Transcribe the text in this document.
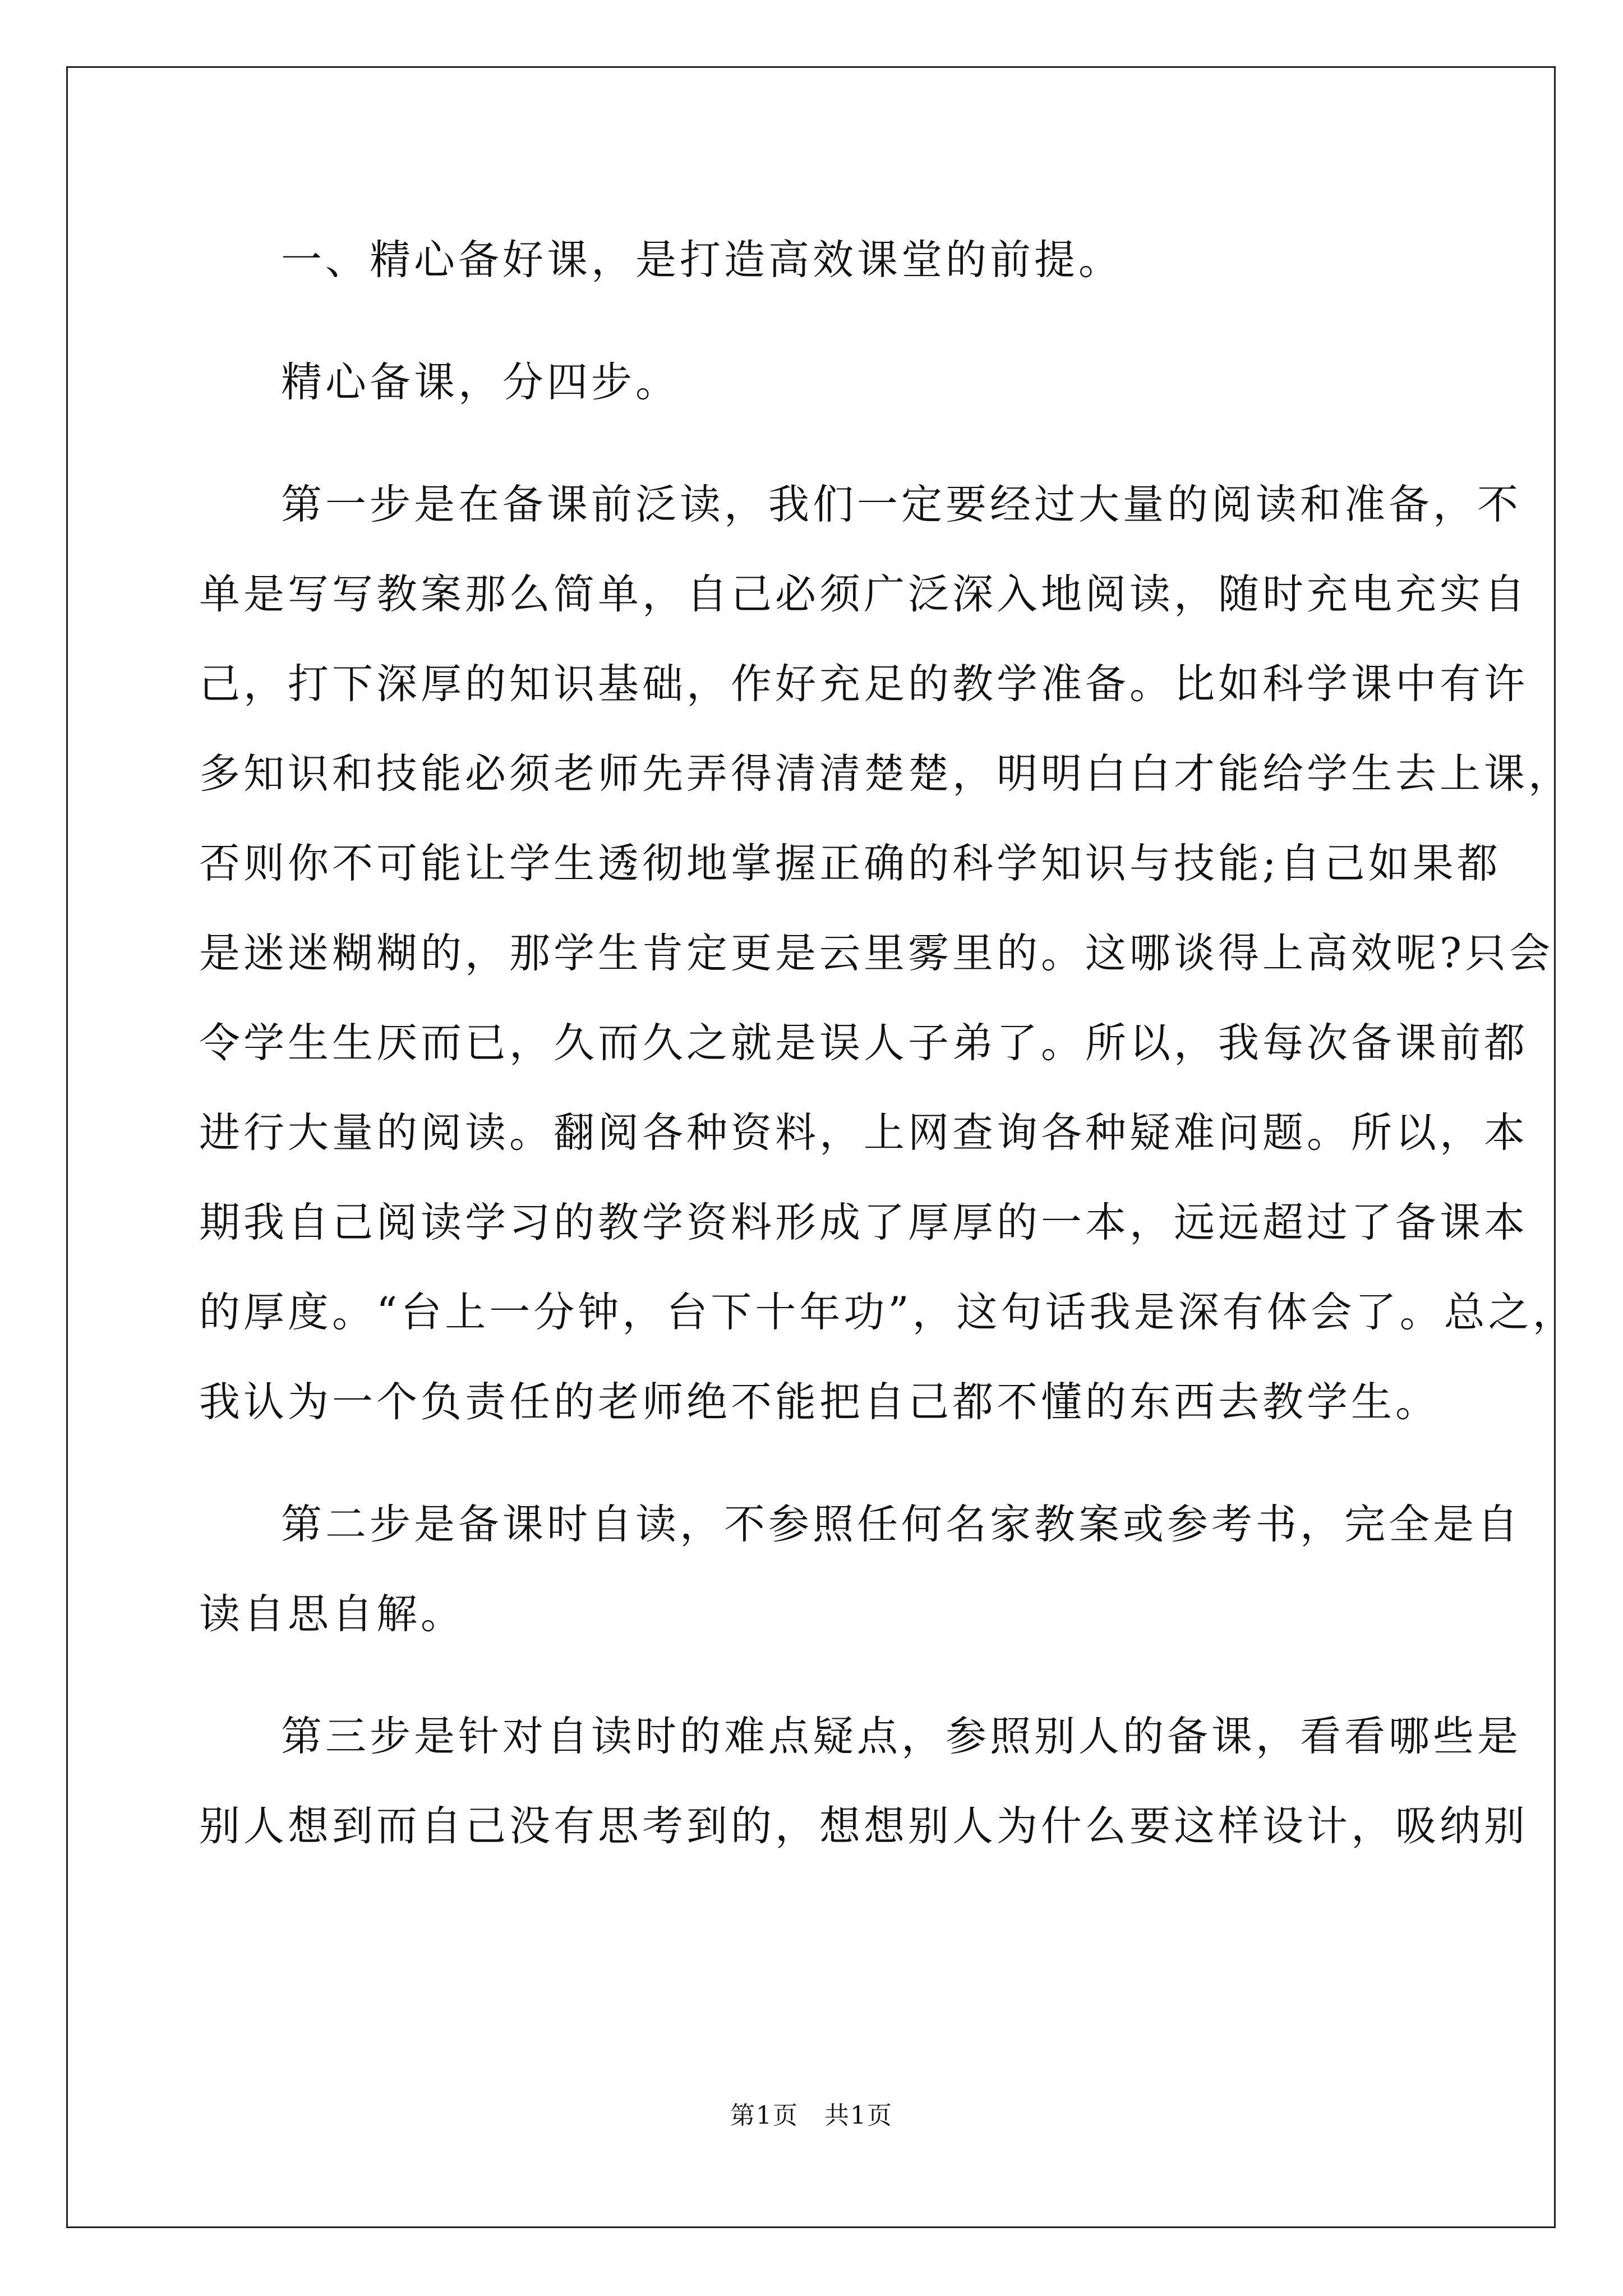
一、精心备好课，是打造高效课堂的前提。
精心备课，分四步。
第一步是在备课前泛读，我们一定要经过大量的阅读和准备，不
单是写写教案那么简单，自己必须广泛深入地阅读，随时充电充实自
己，打下深厚的知识基础，作好充足的教学准备。比如科学课中有许
多知识和技能必须老师先弄得清清楚楚，明明白白才能给学生去上课，
否则你不可能让学生透彻地掌握正确的科学知识与技能;自己如果都
是迷迷糊糊的，那学生肯定更是云里雾里的。这哪谈得上高效呢?只会
令学生生厌而已，久而久之就是误人子弟了。所以，我每次备课前都
进行大量的阅读。翻阅各种资料，上网查询各种疑难问题。所以，本
期我自己阅读学习的教学资料形成了厚厚的一本，远远超过了备课本
的厚度。“台上一分钟，台下十年功”，这句话我是深有体会了。总之，
我认为一个负责任的老师绝不能把自己都不懂的东西去教学生。
第二步是备课时自读，不参照任何名家教案或参考书，完全是自
读自思自解。
第三步是针对自读时的难点疑点，参照别人的备课，看看哪些是
别人想到而自己没有思考到的，想想别人为什么要这样设计，吸纳别
第1页　共1页
